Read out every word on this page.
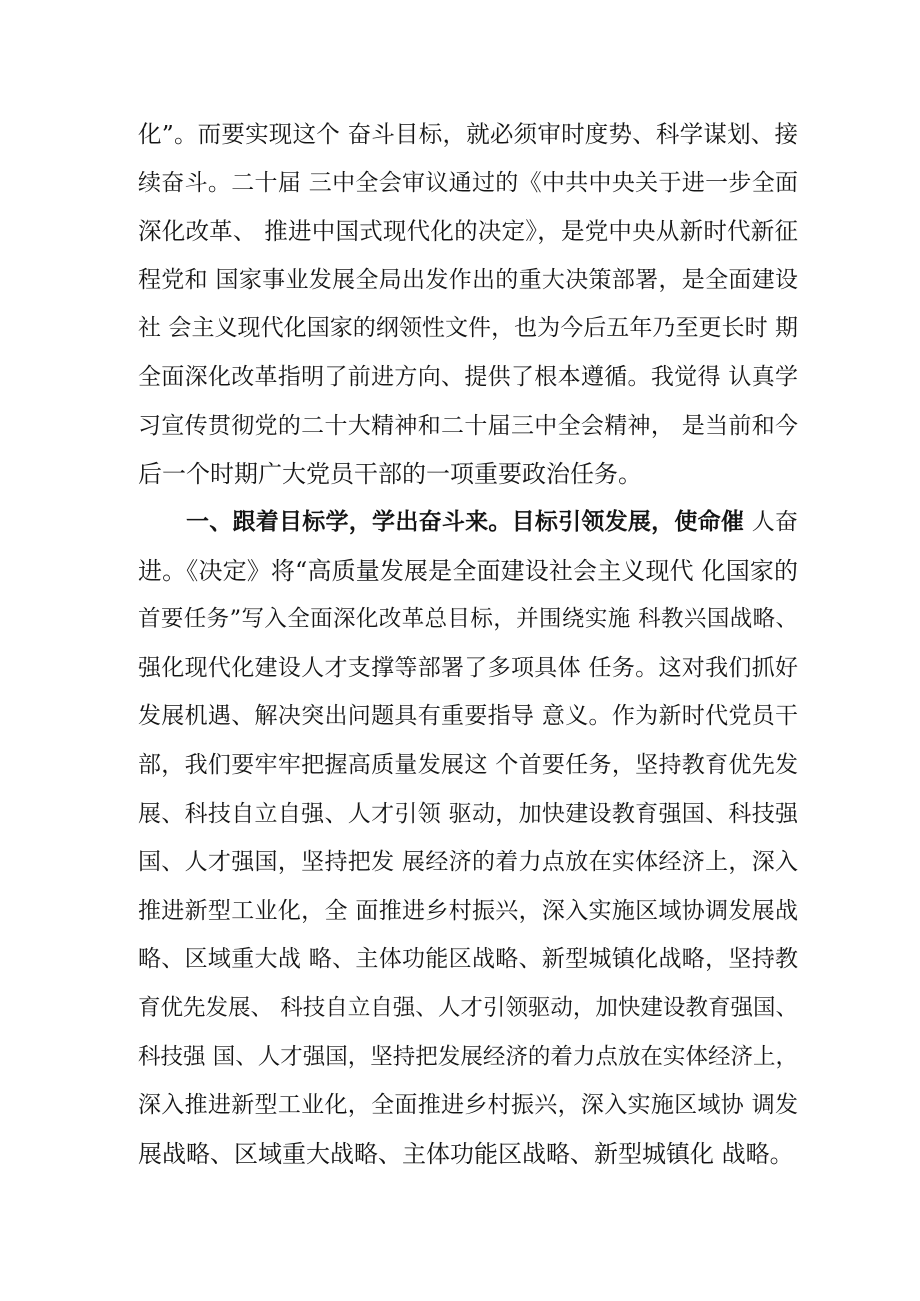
化”。而要实现这个 奋斗目标，就必须审时度势、科学谋划、接
续奋斗。二十届 三中全会审议通过的《中共中央关于进一步全面
深化改革、 推进中国式现代化的决定》，是党中央从新时代新征
程党和 国家事业发展全局出发作出的重大决策部署，是全面建设
社 会主义现代化国家的纲领性文件，也为今后五年乃至更长时 期
全面深化改革指明了前进方向、提供了根本遵循。我觉得 认真学
习宣传贯彻党的二十大精神和二十届三中全会精神， 是当前和今
后一个时期广大党员干部的一项重要政治任务。
一、跟着目标学，学出奋斗来。目标引领发展，使命催 人奋
进。《决定》将“高质量发展是全面建设社会主义现代 化国家的
首要任务”写入全面深化改革总目标，并围绕实施 科教兴国战略、
强化现代化建设人才支撑等部署了多项具体 任务。这对我们抓好
发展机遇、解决突出问题具有重要指导 意义。作为新时代党员干
部，我们要牢牢把握高质量发展这 个首要任务，坚持教育优先发
展、科技自立自强、人才引领 驱动，加快建设教育强国、科技强
国、人才强国，坚持把发 展经济的着力点放在实体经济上，深入
推进新型工业化，全 面推进乡村振兴，深入实施区域协调发展战
略、区域重大战 略、主体功能区战略、新型城镇化战略，坚持教
育优先发展、 科技自立自强、人才引领驱动，加快建设教育强国、
科技强 国、人才强国，坚持把发展经济的着力点放在实体经济上，
深入推进新型工业化，全面推进乡村振兴，深入实施区域协 调发
展战略、区域重大战略、主体功能区战略、新型城镇化 战略。
